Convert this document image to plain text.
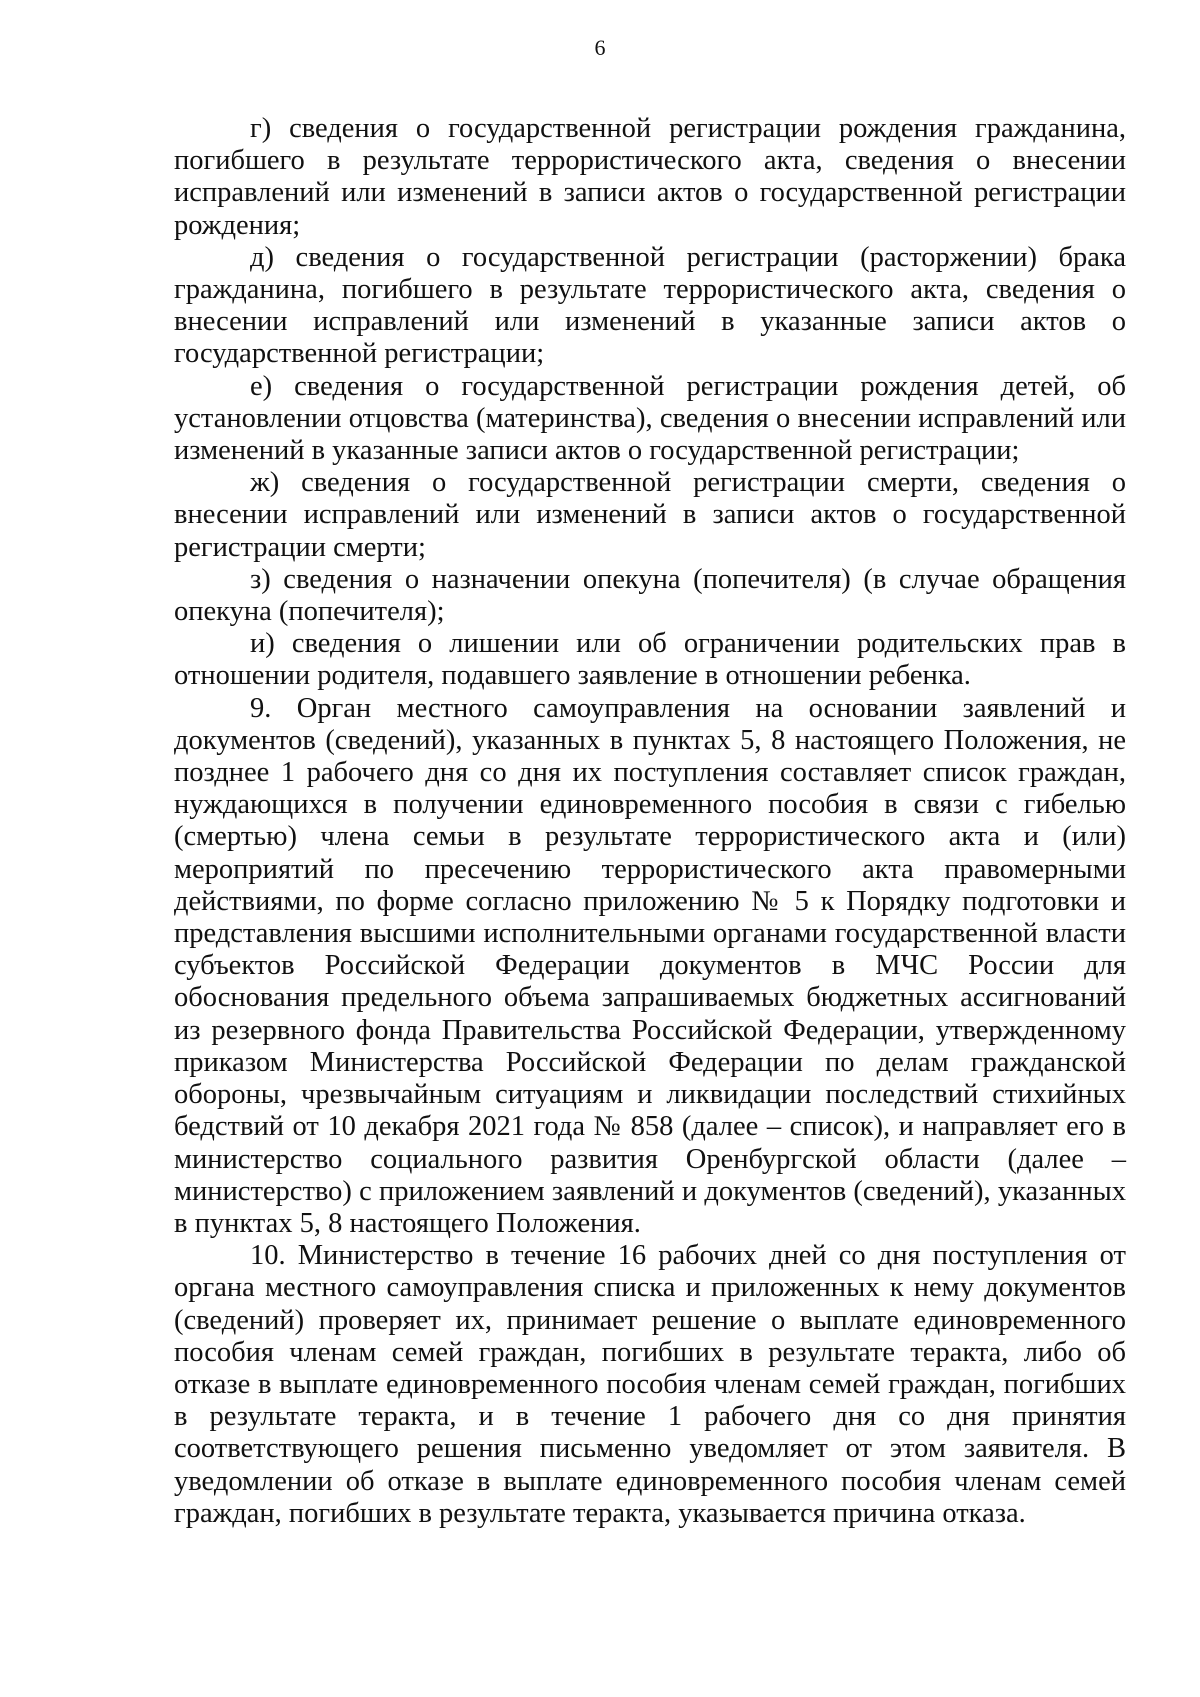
6

г) сведения о государственной регистрации рождения гражданина, погибшего в результате террористического акта, сведения о внесении исправлений или изменений в записи актов о государственной регистрации рождения;

д) сведения о государственной регистрации (расторжении) брака гражданина, погибшего в результате террористического акта, сведения о внесении исправлений или изменений в указанные записи актов о государственной регистрации;

е) сведения о государственной регистрации рождения детей, об установлении отцовства (материнства), сведения о внесении исправлений или изменений в указанные записи актов о государственной регистрации;

ж) сведения о государственной регистрации смерти, сведения о внесении исправлений или изменений в записи актов о государственной регистрации смерти;

з) сведения о назначении опекуна (попечителя) (в случае обращения опекуна (попечителя);

и) сведения о лишении или об ограничении родительских прав в отношении родителя, подавшего заявление в отношении ребенка.

9. Орган местного самоуправления на основании заявлений и документов (сведений), указанных в пунктах 5, 8 настоящего Положения, не позднее 1 рабочего дня со дня их поступления составляет список граждан, нуждающихся в получении единовременного пособия в связи с гибелью (смертью) члена семьи в результате террористического акта и (или) мероприятий по пресечению террористического акта правомерными действиями, по форме согласно приложению № 5 к Порядку подготовки и представления высшими исполнительными органами государственной власти субъектов Российской Федерации документов в МЧС России для обоснования предельного объема запрашиваемых бюджетных ассигнований из резервного фонда Правительства Российской Федерации, утвержденному приказом Министерства Российской Федерации по делам гражданской обороны, чрезвычайным ситуациям и ликвидации последствий стихийных бедствий от 10 декабря 2021 года № 858 (далее – список), и направляет его в министерство социального развития Оренбургской области (далее – министерство) с приложением заявлений и документов (сведений), указанных в пунктах 5, 8 настоящего Положения.

10. Министерство в течение 16 рабочих дней со дня поступления от органа местного самоуправления списка и приложенных к нему документов (сведений) проверяет их, принимает решение о выплате единовременного пособия членам семей граждан, погибших в результате теракта, либо об отказе в выплате единовременного пособия членам семей граждан, погибших в результате теракта, и в течение 1 рабочего дня со дня принятия соответствующего решения письменно уведомляет от этом заявителя. В уведомлении об отказе в выплате единовременного пособия членам семей граждан, погибших в результате теракта, указывается причина отказа.
